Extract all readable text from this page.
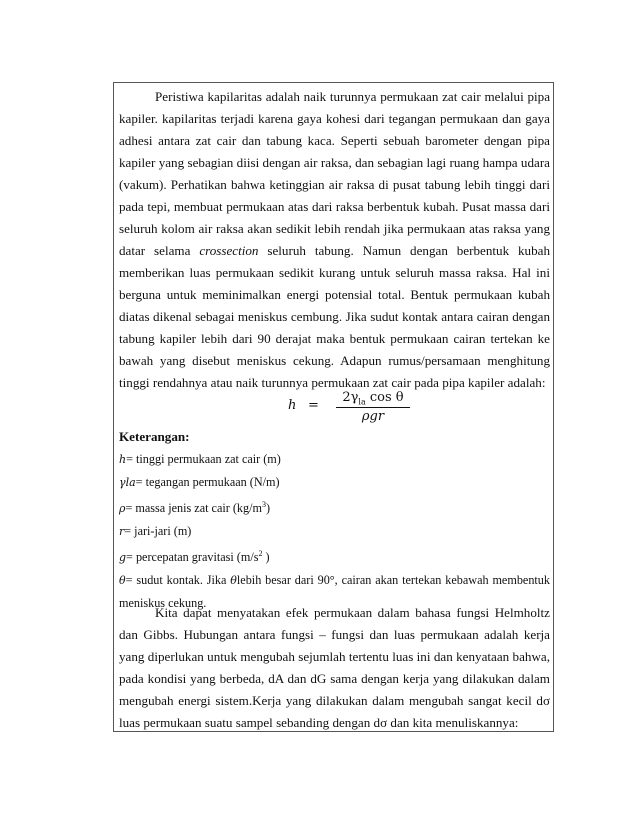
Peristiwa kapilaritas adalah naik turunnya permukaan zat cair melalui pipa kapiler. kapilaritas terjadi karena gaya kohesi dari tegangan permukaan dan gaya adhesi antara zat cair dan tabung kaca. Seperti sebuah barometer dengan pipa kapiler yang sebagian diisi dengan air raksa, dan sebagian lagi ruang hampa udara (vakum). Perhatikan bahwa ketinggian air raksa di pusat tabung lebih tinggi dari pada tepi, membuat permukaan atas dari raksa berbentuk kubah. Pusat massa dari seluruh kolom air raksa akan sedikit lebih rendah jika permukaan atas raksa yang datar selama crossection seluruh tabung. Namun dengan berbentuk kubah memberikan luas permukaan sedikit kurang untuk seluruh massa raksa. Hal ini berguna untuk meminimalkan energi potensial total. Bentuk permukaan kubah diatas dikenal sebagai meniskus cembung. Jika sudut kontak antara cairan dengan tabung kapiler lebih dari 90 derajat maka bentuk permukaan cairan tertekan ke bawah yang disebut meniskus cekung. Adapun rumus/persamaan menghitung tinggi rendahnya atau naik turunnya permukaan zat cair pada pipa kapiler adalah:

h =
$2\gamma_{la}$ cos θ
ρgr

Keterangan:

h= tinggi permukaan zat cair (m)

γla= tegangan permukaan (N/m)

ρ= massa jenis zat cair $(kg/m^3)$

r= jari-jari (m)

g= percepatan gravitasi ($m/s^2$ )

θ= sudut kontak. Jika θlebih besar dari 90°, cairan akan tertekan kebawah membentuk meniskus cekung.

Kita dapat menyatakan efek permukaan dalam bahasa fungsi Helmholtz dan Gibbs. Hubungan antara fungsi – fungsi dan luas permukaan adalah kerja yang diperlukan untuk mengubah sejumlah tertentu luas ini dan kenyataan bahwa, pada kondisi yang berbeda, dA dan dG sama dengan kerja yang dilakukan dalam mengubah energi sistem.Kerja yang dilakukan dalam mengubah sangat kecil dσ luas permukaan suatu sampel sebanding dengan dσ dan kita menuliskannya:
